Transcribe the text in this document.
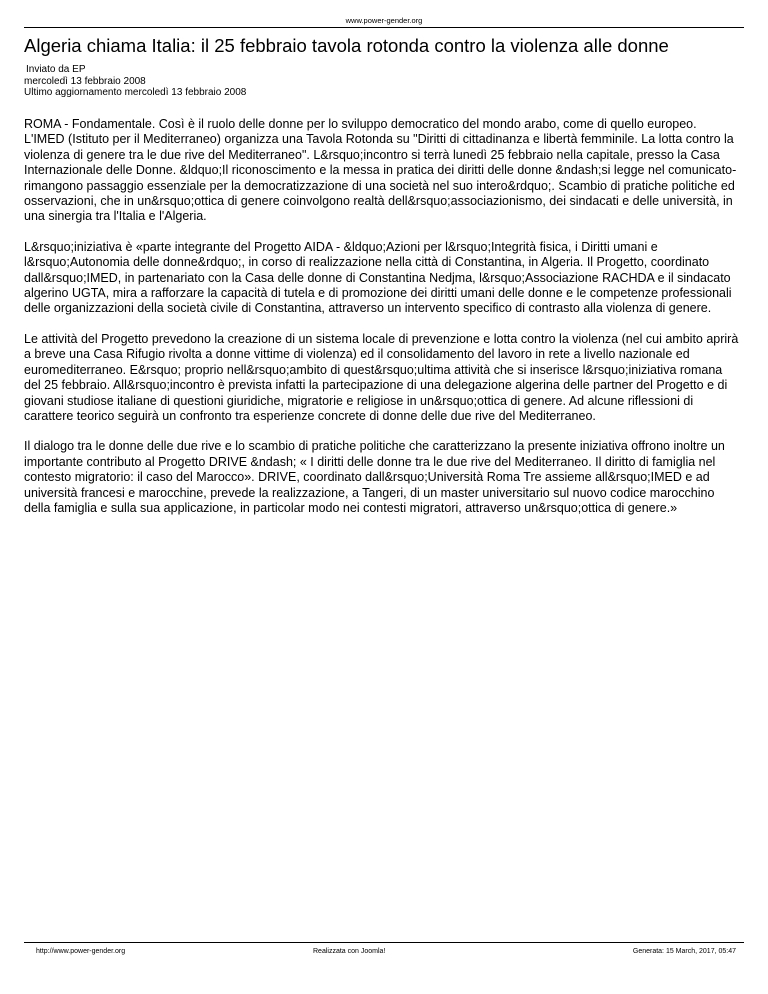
www.power-gender.org
Algeria chiama Italia: il 25 febbraio tavola rotonda contro la violenza alle donne
Inviato da EP
mercoledì 13 febbraio 2008
Ultimo aggiornamento mercoledì 13 febbraio 2008

ROMA - Fondamentale. Così è il ruolo delle donne per lo sviluppo democratico del mondo arabo, come di quello europeo. L'IMED (Istituto per il Mediterraneo) organizza una Tavola Rotonda su "Diritti di cittadinanza e libertà femminile. La lotta contro la violenza di genere tra le due rive del Mediterraneo". L&rsquo;incontro si terrà lunedì 25 febbraio nella capitale, presso la Casa Internazionale delle Donne. &ldquo;Il riconoscimento e la messa in pratica dei diritti delle donne &ndash;si legge nel comunicato- rimangono passaggio essenziale per la democratizzazione di una società nel suo intero&rdquo;. Scambio di pratiche politiche ed osservazioni, che in un&rsquo;ottica di genere coinvolgono realtà dell&rsquo;associazionismo, dei sindacati e delle università, in una sinergia tra l'Italia e l'Algeria.

L&rsquo;iniziativa è «parte integrante del Progetto AIDA - &ldquo;Azioni per l&rsquo;Integrità fisica, i Diritti umani e l&rsquo;Autonomia delle donne&rdquo;, in corso di realizzazione nella città di Constantina, in Algeria. Il Progetto, coordinato dall&rsquo;IMED, in partenariato con la Casa delle donne di Constantina Nedjma, l&rsquo;Associazione RACHDA e il sindacato algerino UGTA, mira a rafforzare la capacità di tutela e di promozione dei diritti umani delle donne e le competenze professionali delle organizzazioni della società civile di Constantina, attraverso un intervento specifico di contrasto alla violenza di genere.

Le attività del Progetto prevedono la creazione di un sistema locale di prevenzione e lotta contro la violenza (nel cui ambito aprirà a breve una Casa Rifugio rivolta a donne vittime di violenza) ed il consolidamento del lavoro in rete a livello nazionale ed euromediterraneo. E&rsquo; proprio nell&rsquo;ambito di quest&rsquo;ultima attività che si inserisce l&rsquo;iniziativa romana del 25 febbraio. All&rsquo;incontro è prevista infatti la partecipazione di una delegazione algerina delle partner del Progetto e di giovani studiose italiane di questioni giuridiche, migratorie e religiose in un&rsquo;ottica di genere. Ad alcune riflessioni di carattere teorico seguirà un confronto tra esperienze concrete di donne delle due rive del Mediterraneo.

Il dialogo tra le donne delle due rive e lo scambio di pratiche politiche che caratterizzano la presente iniziativa offrono inoltre un importante contributo al Progetto DRIVE &ndash; « I diritti delle donne tra le due rive del Mediterraneo. Il diritto di famiglia nel contesto migratorio: il caso del Marocco». DRIVE, coordinato dall&rsquo;Università Roma Tre assieme all&rsquo;IMED e ad università francesi e marocchine, prevede la realizzazione, a Tangeri, di un master universitario sul nuovo codice marocchino della famiglia e sulla sua applicazione, in particolar modo nei contesti migratori, attraverso un&rsquo;ottica di genere.»

http://www.power-gender.org	Realizzata con Joomla!	Generata: 15 March, 2017, 05:47
